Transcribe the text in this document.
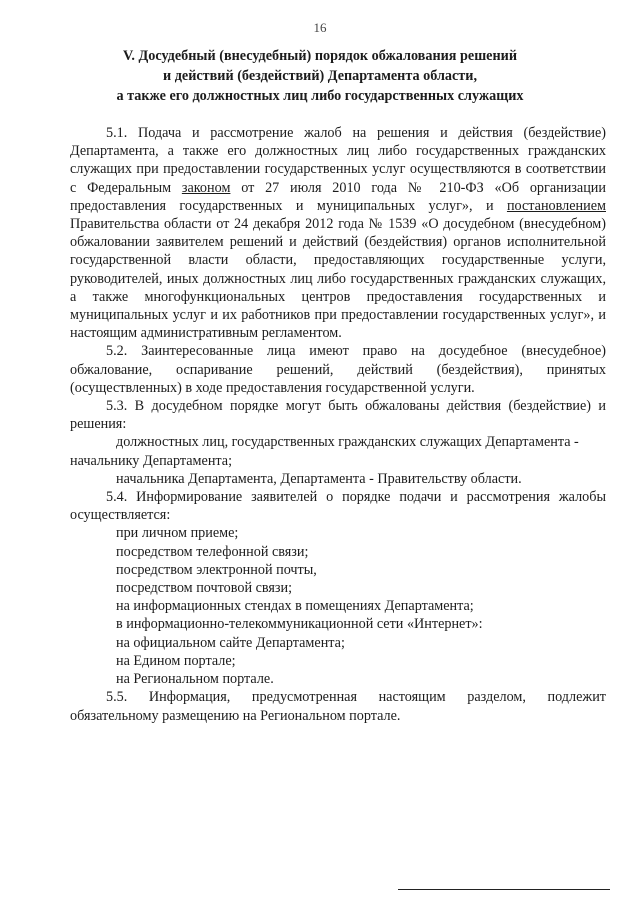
16
V. Досудебный (внесудебный) порядок обжалования решений
и действий (бездействий) Департамента области,
а также его должностных лиц либо государственных служащих

5.1. Подача и рассмотрение жалоб на решения и действия (бездействие) Департамента, а также его должностных лиц либо государственных гражданских служащих при предоставлении государственных услуг осуществляются в соответствии с Федеральным законом от 27 июля 2010 года № 210-ФЗ «Об организации предоставления государственных и муниципальных услуг», и постановлением Правительства области от 24 декабря 2012 года № 1539 «О досудебном (внесудебном) обжаловании заявителем решений и действий (бездействия) органов исполнительной государственной власти области, предоставляющих государственные услуги, руководителей, иных должностных лиц либо государственных гражданских служащих, а также многофункциональных центров предоставления государственных и муниципальных услуг и их работников при предоставлении государственных услуг», и настоящим административным регламентом.

5.2. Заинтересованные лица имеют право на досудебное (внесудебное) обжалование, оспаривание решений, действий (бездействия), принятых (осуществленных) в ходе предоставления государственной услуги.

5.3. В досудебном порядке могут быть обжалованы действия (бездействие) и решения:

должностных лиц, государственных гражданских служащих Департамента - начальнику Департамента;

начальника Департамента, Департамента - Правительству области.

5.4. Информирование заявителей о порядке подачи и рассмотрения жалобы осуществляется:

при личном приеме;

посредством телефонной связи;

посредством электронной почты,

посредством почтовой связи;

на информационных стендах в помещениях Департамента;

в информационно-телекоммуникационной сети «Интернет»:

на официальном сайте Департамента;

на Едином портале;

на Региональном портале.

5.5. Информация, предусмотренная настоящим разделом, подлежит обязательному размещению на Региональном портале.
